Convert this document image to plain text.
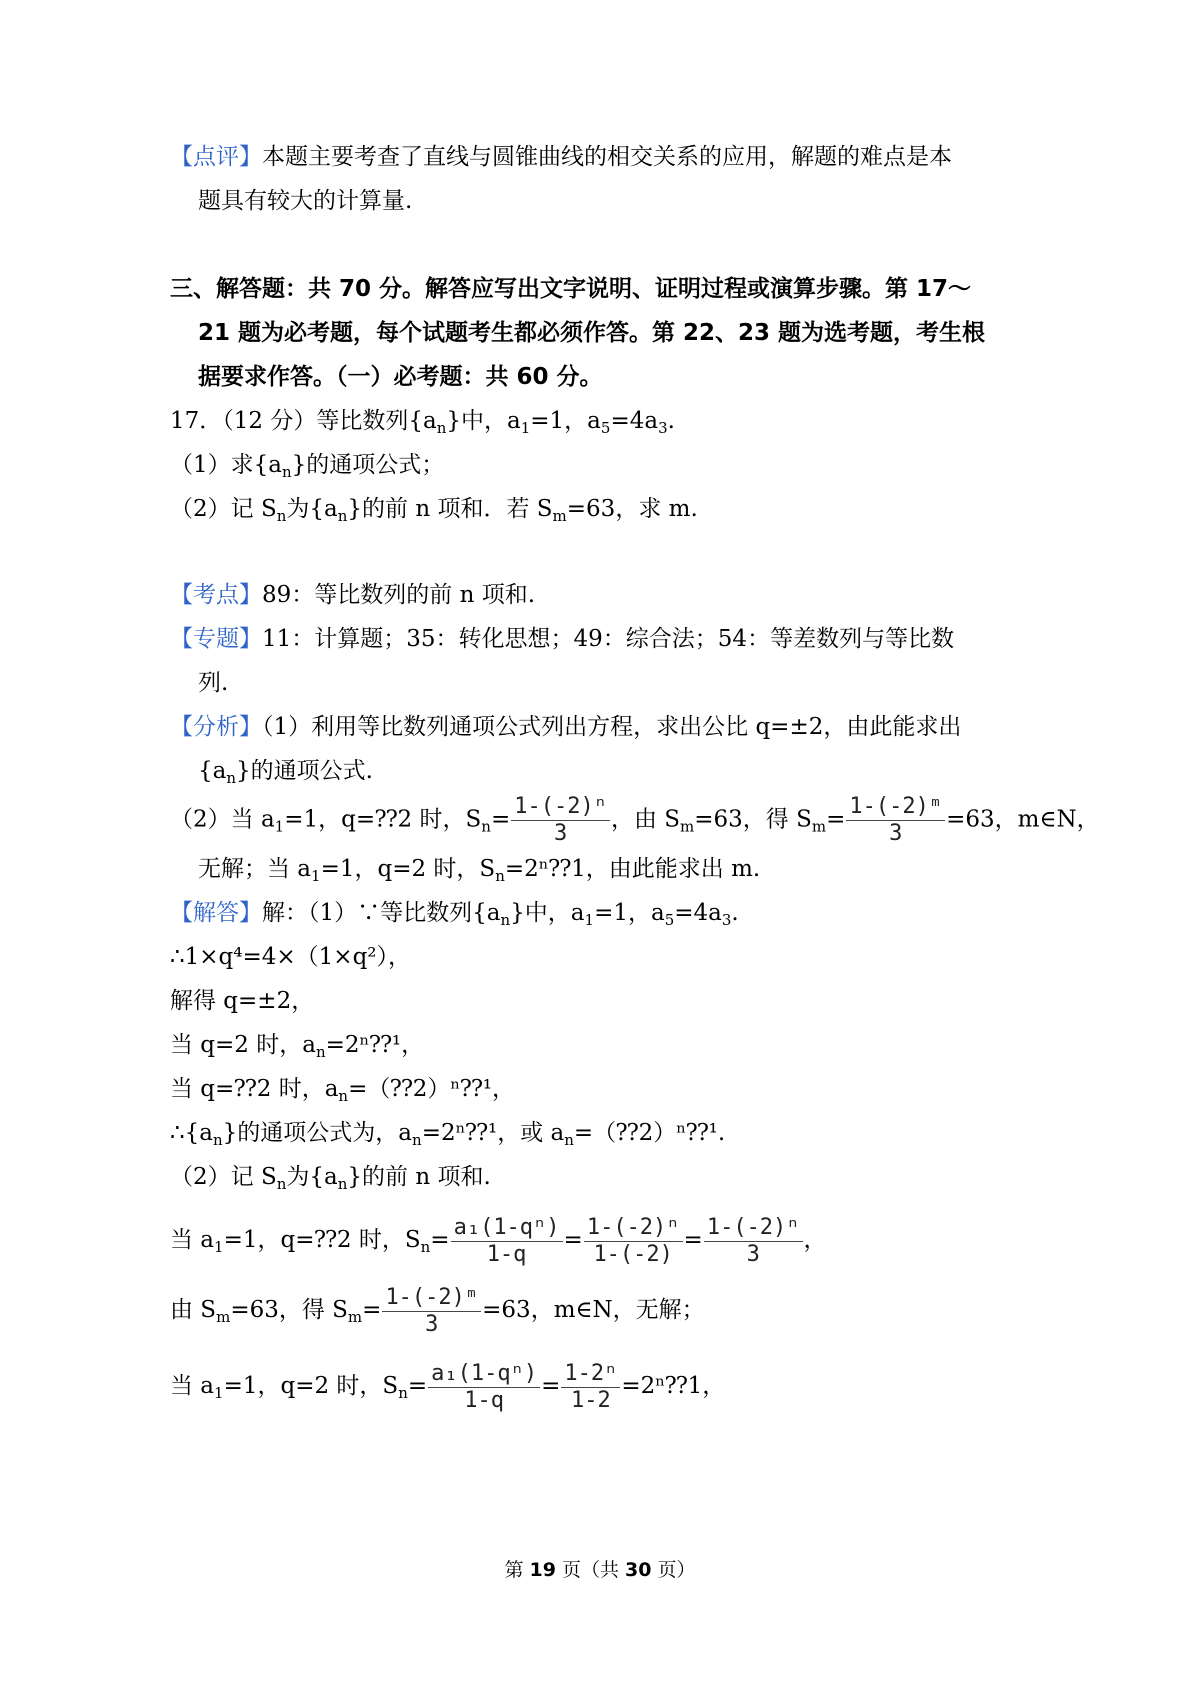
【点评】本题主要考查了直线与圆锥曲线的相交关系的应用，解题的难点是本
题具有较大的计算量.
三、解答题：共 70 分。解答应写出文字说明、证明过程或演算步骤。第 17～
21 题为必考题，每个试题考生都必须作答。第 22、23 题为选考题，考生根
据要求作答。（一）必考题：共 60 分。
17．（12 分）等比数列$\{a_n\}$中，$a_1=1$，$a_5=4a_3$.
（1）求$\{a_n\}$的通项公式；
（2）记 $S_n$为$\{a_n\}$的前 n 项和．若 $S_m=63$，求 m.
【考点】89：等比数列的前 n 项和.
【专题】11：计算题；35：转化思想；49：综合法；54：等差数列与等比数
列.
【分析】（1）利用等比数列通项公式列出方程，求出公比 q=±2，由此能求出
$\{a_n\}$的通项公式.
（2）当 $a_1=1$，q=⁇2 时，$S_n= \frac{\text{1-(-2)ⁿ}}{3}$ ，由 $S_m=63$，得 $S_m= \frac{\text{1-(-2)ᵐ}}{3} =63$，m∈N，
无解；当 $a_1=1$，q=2 时，$S_n=2^n⁇1$，由此能求出 m.
【解答】解：（1）∵等比数列$\{a_n\}$中，$a_1=1$，$a_5=4a_3$.
∴1×q⁴=4×（1×q²），
解得 q=±2，
当 q=2 时，$a_n=2^n⁇^1$，
当 q=⁇2 时，$a_n=(⁇2)^n⁇^1$，
$\therefore\{a_n\}$的通项公式为，$a_n=2^n⁇^1$，或 $a_n=(⁇2)^n⁇^1$.
（2）记 $S_n$为$\{a_n\}$的前 n 项和.
当 $a_1=1$，q=⁇2 时，$S_n= \frac{\text{a₁(1-qⁿ)}}{1-q} = \frac{\text{1-(-2)ⁿ}}{1-(-2)} = \frac{\text{1-(-2)ⁿ}}{3}$ ，
由 $S_m=63$，得 $S_m= \frac{\text{1-(-2)ᵐ}}{3} =63$，m∈N，无解；
当 $a_1=1$，q=2 时，$S_n= \frac{\text{a₁(1-qⁿ)}}{1-q} = \frac{\text{1-2ⁿ}}{1-2}$ =2ⁿ⁇1，
第 19 页（共 30 页）
